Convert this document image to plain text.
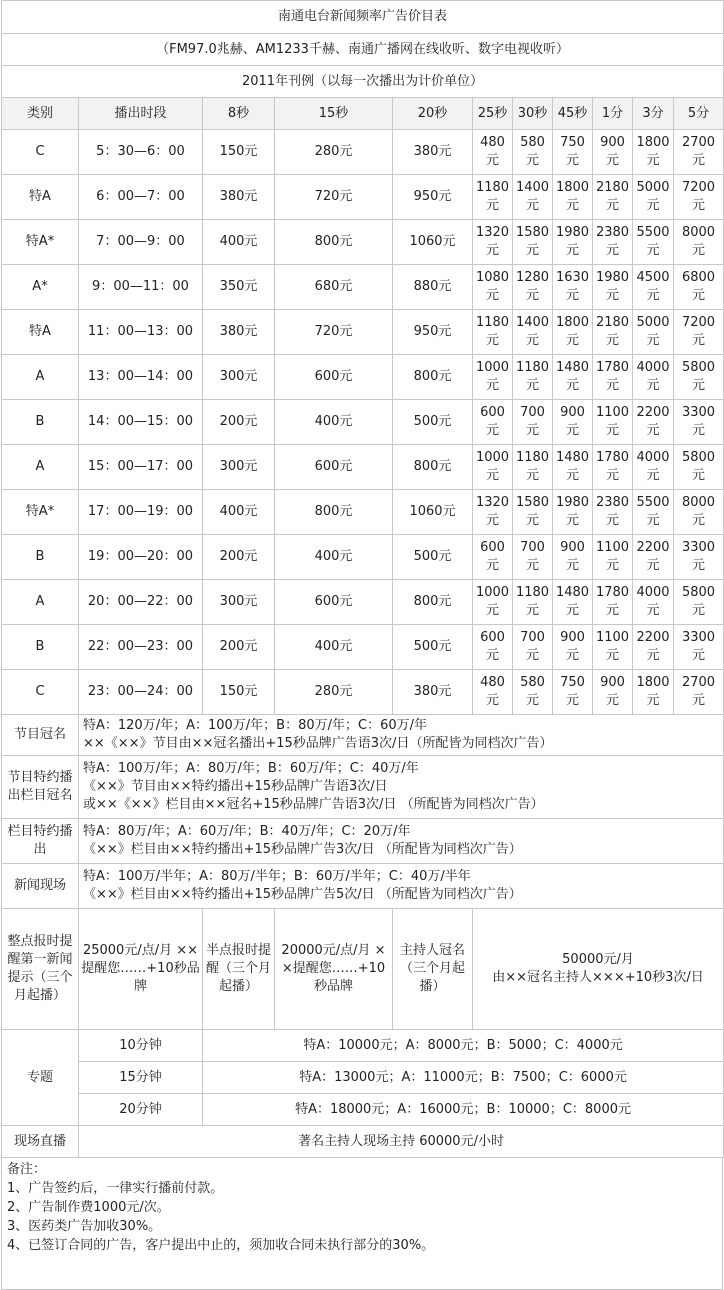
南通电台新闻频率广告价目表										
（FM97.0兆赫、AM1233千赫、南通广播网在线收听、数字电视收听）										
2011年刊例（以每一次播出为计价单位）										
类别	播出时段	8秒	15秒	20秒	25秒	30秒	45秒	1分	3分	5分
C	5：30—6：00	150元	280元	380元	480元	580元	750元	900元	1800元	2700元
特A	6：00—7：00	380元	720元	950元	1180元	1400元	1800元	2180元	5000元	7200元
特A*	7：00—9：00	400元	800元	1060元	1320元	1580元	1980元	2380元	5500元	8000元
A*	9：00—11：00	350元	680元	880元	1080元	1280元	1630元	1980元	4500元	6800元
特A	11：00—13：00	380元	720元	950元	1180元	1400元	1800元	2180元	5000元	7200元
A	13：00—14：00	300元	600元	800元	1000元	1180元	1480元	1780元	4000元	5800元
B	14：00—15：00	200元	400元	500元	600元	700元	900元	1100元	2200元	3300元
A	15：00—17：00	300元	600元	800元	1000元	1180元	1480元	1780元	4000元	5800元
特A*	17：00—19：00	400元	800元	1060元	1320元	1580元	1980元	2380元	5500元	8000元
B	19：00—20：00	200元	400元	500元	600元	700元	900元	1100元	2200元	3300元
A	20：00—22：00	300元	600元	800元	1000元	1180元	1480元	1780元	4000元	5800元
B	22：00—23：00	200元	400元	500元	600元	700元	900元	1100元	2200元	3300元
C	23：00—24：00	150元	280元	380元	480元	580元	750元	900元	1800元	2700元
节目冠名	特A：120万/年；A：100万/年；B：80万/年；C：60万/年
××《××》节目由××冠名播出+15秒品牌广告语3次/日（所配皆为同档次广告）									

节目特约播出栏目冠名	特A：100万/年；A：80万/年；B：60万/年；C：40万/年
《××》节目由××特约播出+15秒品牌广告语3次/日
或××《××》栏目由××冠名+15秒品牌广告语3次/日 （所配皆为同档次广告）									

栏目特约播出	特A：80万/年；A：60万/年；B：40万/年；C：20万/年
《××》栏目由××特约播出+15秒品牌广告3次/日 （所配皆为同档次广告）									

新闻现场	特A：100万/半年；A：80万/半年；B：60万/半年；C：40万/半年
《××》栏目由××特约播出+15秒品牌广告5次/日 （所配皆为同档次广告）									

整点报时提醒第一新闻提示（三个月起播）	25000元/点/月 ××提醒您……+10秒品牌	半点报时提醒（三个月起播）	20000元/点/月 ××提醒您……+10秒品牌	主持人冠名（三个月起播）	50000元/月
由××冠名主持人×××+10秒3次/日					

专题	10分钟	特A：10000元；A：8000元；B：5000；C：4000元								
	15分钟	特A：13000元；A：11000元；B：7500；C：6000元								
	20分钟	特A：18000元；A：16000元；B：10000；C：8000元								
现场直播	著名主持人现场主持 60000元/小时									
备注：
1、广告签约后，一律实行播前付款。
2、广告制作费1000元/次。
3、医药类广告加收30%。
4、已签订合同的广告，客户提出中止的，须加收合同未执行部分的30%。
